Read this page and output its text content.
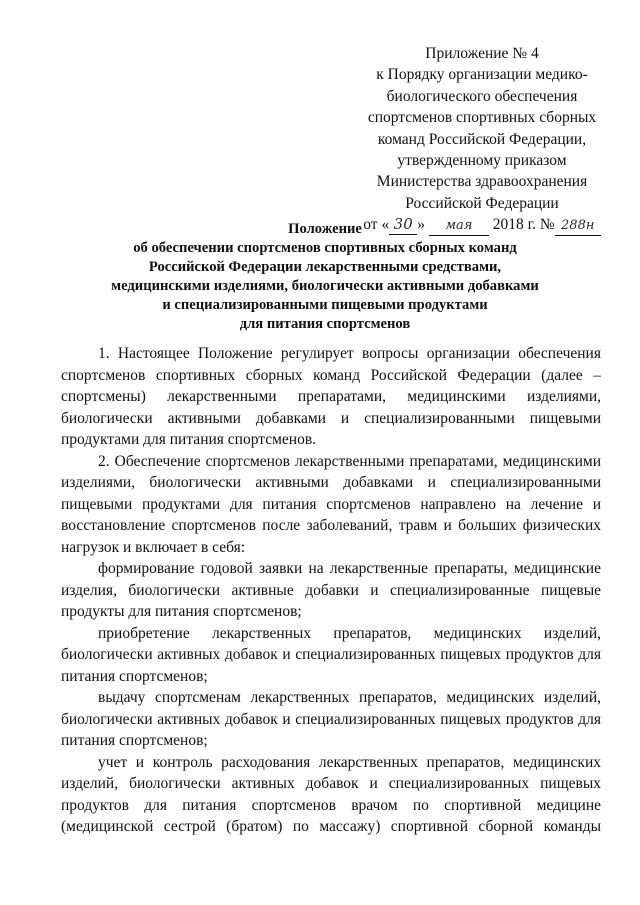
Приложение № 4
к Порядку организации медико-
биологического обеспечения
спортсменов спортивных сборных
команд Российской Федерации,
утвержденному приказом
Министерства здравоохранения
Российской Федерации
от « 30 » мая 2018 г. № 288н
Положение
об обеспечении спортсменов спортивных сборных команд
Российской Федерации лекарственными средствами,
медицинскими изделиями, биологически активными добавками
и специализированными пищевыми продуктами
для питания спортсменов

1. Настоящее Положение регулирует вопросы организации обеспечения спортсменов спортивных сборных команд Российской Федерации (далее – спортсмены) лекарственными препаратами, медицинскими изделиями, биологически активными добавками и специализированными пищевыми продуктами для питания спортсменов.

2. Обеспечение спортсменов лекарственными препаратами, медицинскими изделиями, биологически активными добавками и специализированными пищевыми продуктами для питания спортсменов направлено на лечение и восстановление спортсменов после заболеваний, травм и больших физических нагрузок и включает в себя:

формирование годовой заявки на лекарственные препараты, медицинские изделия, биологически активные добавки и специализированные пищевые продукты для питания спортсменов;

приобретение лекарственных препаратов, медицинских изделий, биологически активных добавок и специализированных пищевых продуктов для питания спортсменов;

выдачу спортсменам лекарственных препаратов, медицинских изделий, биологически активных добавок и специализированных пищевых продуктов для питания спортсменов;

учет и контроль расходования лекарственных препаратов, медицинских изделий, биологически активных добавок и специализированных пищевых продуктов для питания спортсменов врачом по спортивной медицине (медицинской сестрой (братом) по массажу) спортивной сборной команды
